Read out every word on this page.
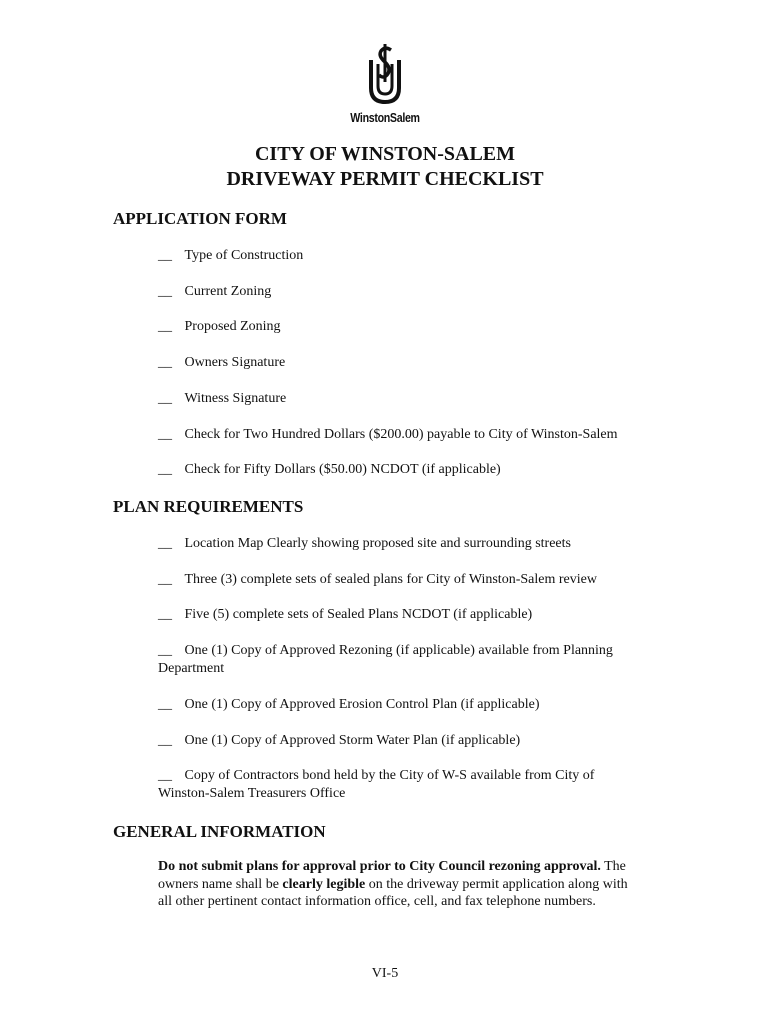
WinstonSalem
CITY OF WINSTON-SALEM
DRIVEWAY PERMIT CHECKLIST
APPLICATION FORM
__   Type of Construction
__   Current Zoning
__   Proposed Zoning
__   Owners Signature
__   Witness Signature
__   Check for Two Hundred Dollars ($200.00) payable to City of Winston-Salem
__   Check for Fifty Dollars ($50.00) NCDOT (if applicable)
PLAN REQUIREMENTS
__   Location Map Clearly showing proposed site and surrounding streets
__   Three (3) complete sets of sealed plans for City of Winston-Salem review
__   Five (5) complete sets of Sealed Plans NCDOT (if applicable)
__   One (1) Copy of Approved Rezoning (if applicable) available from Planning Department
__   One (1) Copy of Approved Erosion Control Plan (if applicable)
__   One (1) Copy of Approved Storm Water Plan (if applicable)
__   Copy of Contractors bond held by the City of W-S available from City of Winston-Salem Treasurers Office
GENERAL INFORMATION
Do not submit plans for approval prior to City Council rezoning approval. The owners name shall be clearly legible on the driveway permit application along with all other pertinent contact information office, cell, and fax telephone numbers.
VI-5
